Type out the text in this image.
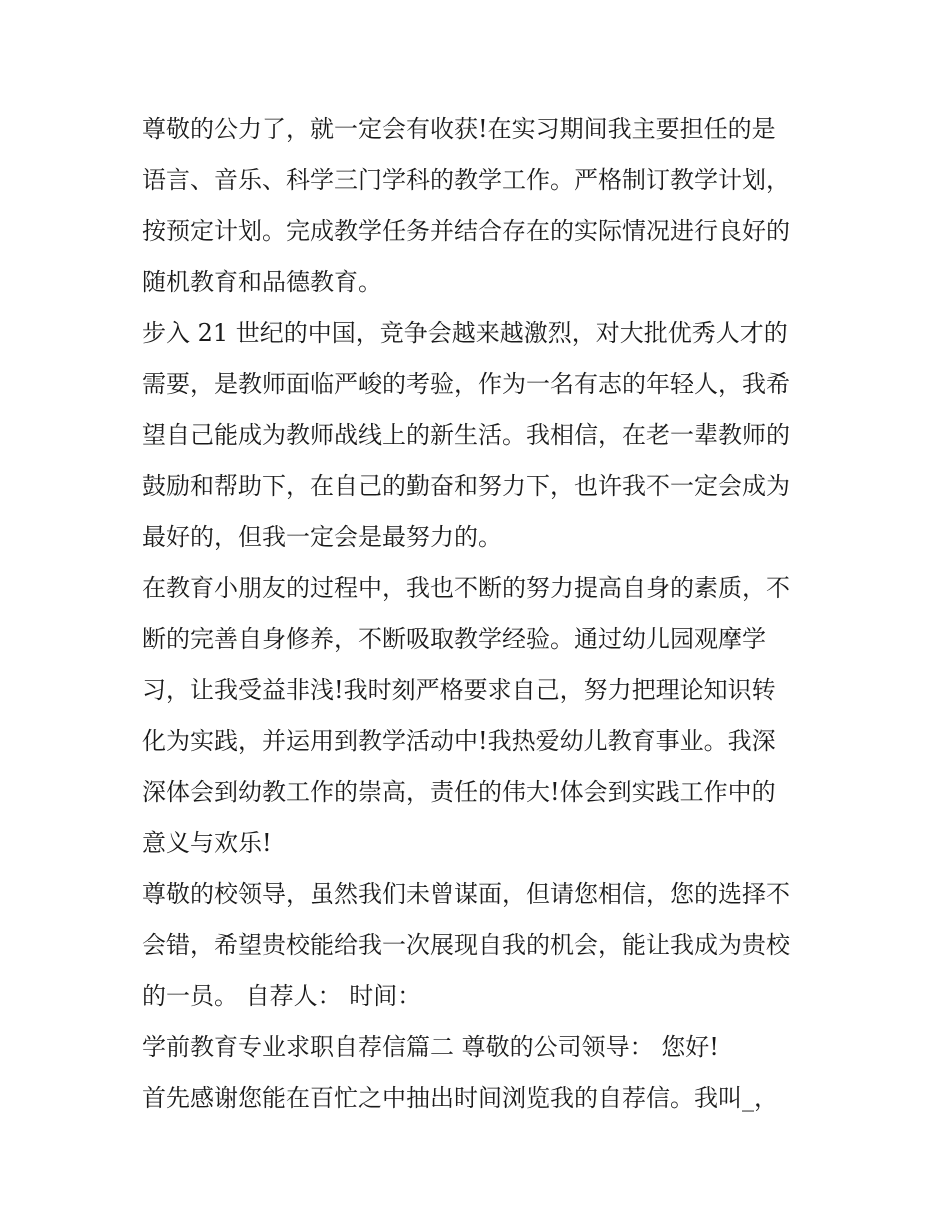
尊敬的公力了，就一定会有收获!在实习期间我主要担任的是
语言、音乐、科学三门学科的教学工作。严格制订教学计划，
按预定计划。完成教学任务并结合存在的实际情况进行良好的
随机教育和品德教育。
步入 21 世纪的中国，竞争会越来越激烈，对大批优秀人才的
需要，是教师面临严峻的考验，作为一名有志的年轻人，我希
望自己能成为教师战线上的新生活。我相信，在老一辈教师的
鼓励和帮助下，在自己的勤奋和努力下，也许我不一定会成为
最好的，但我一定会是最努力的。
在教育小朋友的过程中，我也不断的努力提高自身的素质，不
断的完善自身修养，不断吸取教学经验。通过幼儿园观摩学
习，让我受益非浅!我时刻严格要求自己，努力把理论知识转
化为实践，并运用到教学活动中!我热爱幼儿教育事业。我深
深体会到幼教工作的崇高，责任的伟大!体会到实践工作中的
意义与欢乐!
尊敬的校领导，虽然我们未曾谋面，但请您相信，您的选择不
会错，希望贵校能给我一次展现自我的机会，能让我成为贵校
的一员。 自荐人： 时间：
学前教育专业求职自荐信篇二 尊敬的公司领导： 您好!
首先感谢您能在百忙之中抽出时间浏览我的自荐信。我叫_，
